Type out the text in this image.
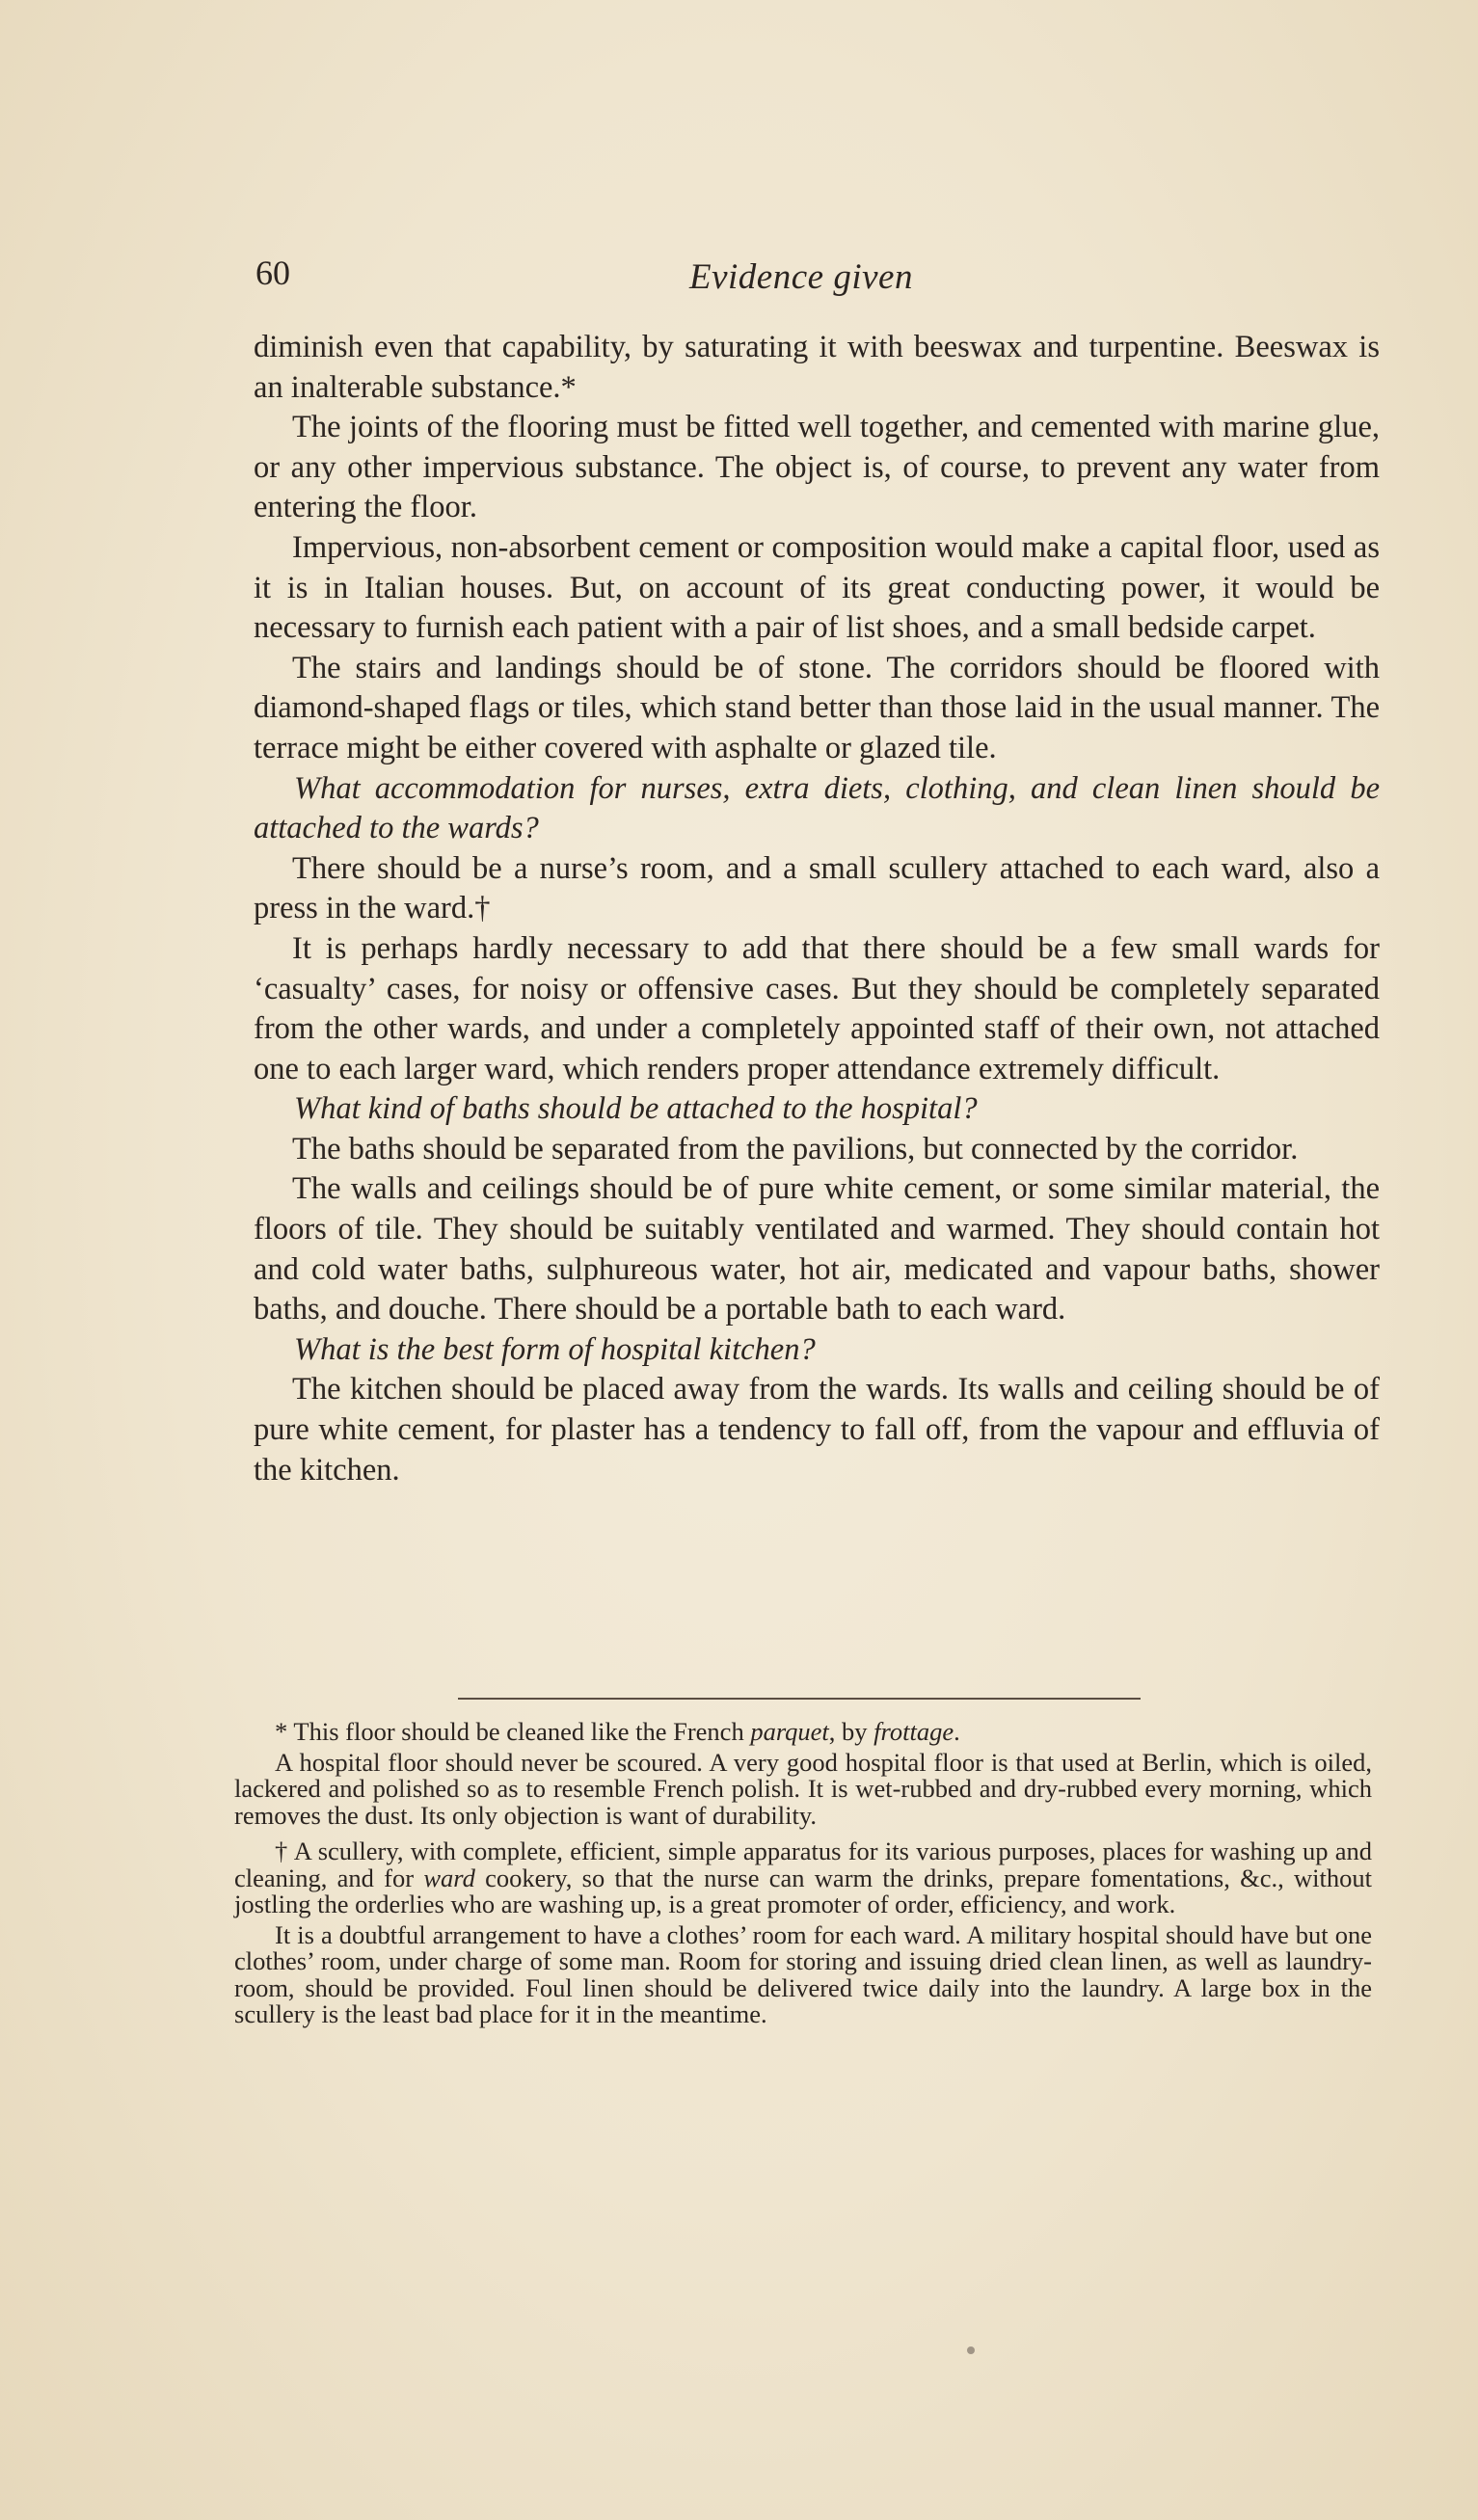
60	Evidence given

diminish even that capability, by saturating it with beeswax and turpentine. Beeswax is an inalterable substance.*

The joints of the flooring must be fitted well together, and cemented with marine glue, or any other impervious substance. The object is, of course, to prevent any water from entering the floor.

Impervious, non-absorbent cement or composition would make a capital floor, used as it is in Italian houses. But, on account of its great conducting power, it would be necessary to furnish each patient with a pair of list shoes, and a small bedside carpet.

The stairs and landings should be of stone. The corridors should be floored with diamond-shaped flags or tiles, which stand better than those laid in the usual manner. The terrace might be either covered with asphalte or glazed tile.

What accommodation for nurses, extra diets, clothing, and clean linen should be attached to the wards?

There should be a nurse’s room, and a small scullery attached to each ward, also a press in the ward.†

It is perhaps hardly necessary to add that there should be a few small wards for ‘casualty’ cases, for noisy or offensive cases. But they should be completely separated from the other wards, and under a completely appointed staff of their own, not attached one to each larger ward, which renders proper attendance extremely difficult.

What kind of baths should be attached to the hospital?

The baths should be separated from the pavilions, but connected by the corridor.

The walls and ceilings should be of pure white cement, or some similar material, the floors of tile. They should be suitably ventilated and warmed. They should contain hot and cold water baths, sulphureous water, hot air, medicated and vapour baths, shower baths, and douche. There should be a portable bath to each ward.

What is the best form of hospital kitchen?

The kitchen should be placed away from the wards. Its walls and ceiling should be of pure white cement, for plaster has a tendency to fall off, from the vapour and effluvia of the kitchen.

* This floor should be cleaned like the French parquet, by frottage.

A hospital floor should never be scoured. A very good hospital floor is that used at Berlin, which is oiled, lackered and polished so as to resemble French polish. It is wet-rubbed and dry-rubbed every morning, which removes the dust. Its only objection is want of durability.

† A scullery, with complete, efficient, simple apparatus for its various purposes, places for washing up and cleaning, and for ward cookery, so that the nurse can warm the drinks, prepare fomentations, &c., without jostling the orderlies who are washing up, is a great promoter of order, efficiency, and work.

It is a doubtful arrangement to have a clothes’ room for each ward. A military hospital should have but one clothes’ room, under charge of some man. Room for storing and issuing dried clean linen, as well as laundry-room, should be provided. Foul linen should be delivered twice daily into the laundry. A large box in the scullery is the least bad place for it in the meantime.
